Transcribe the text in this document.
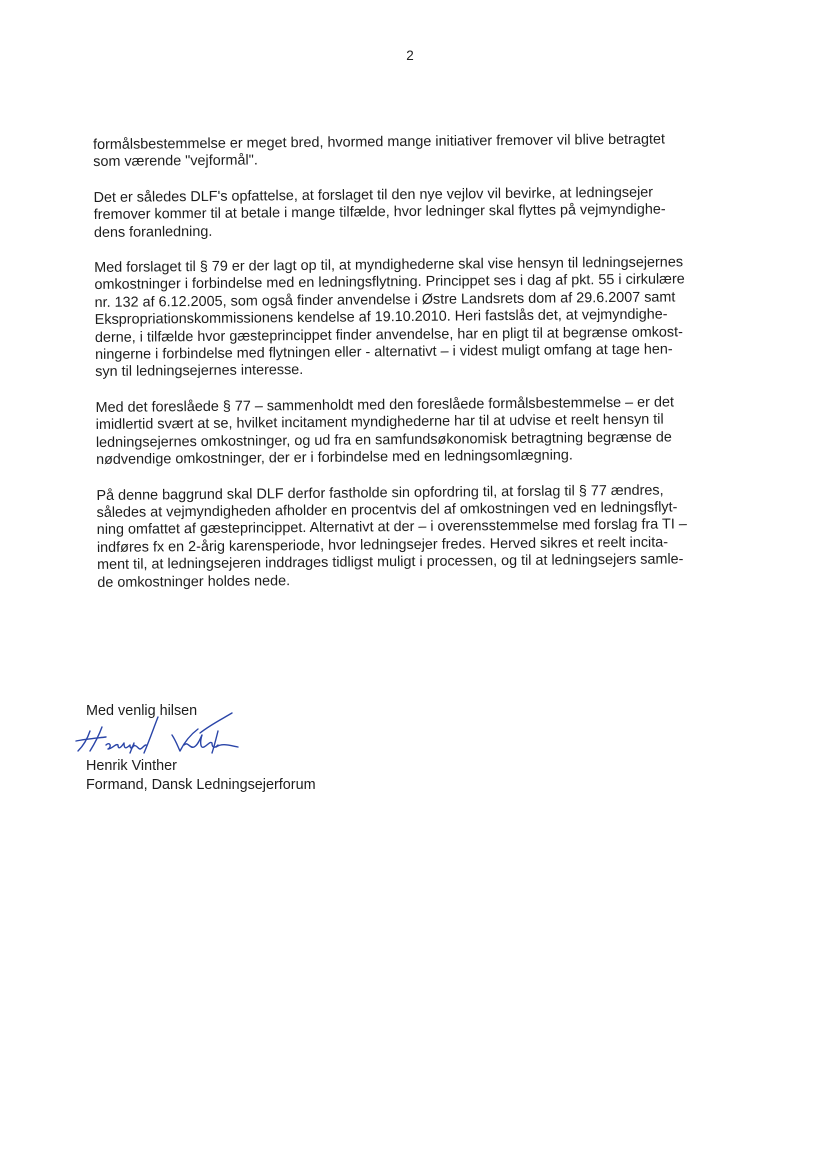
2

formålsbestemmelse er meget bred, hvormed mange initiativer fremover vil blive betragtet
som værende "vejformål".

Det er således DLF's opfattelse, at forslaget til den nye vejlov vil bevirke, at ledningsejer
fremover kommer til at betale i mange tilfælde, hvor ledninger skal flyttes på vejmyndighe-
dens foranledning.

Med forslaget til § 79 er der lagt op til, at myndighederne skal vise hensyn til ledningsejernes
omkostninger i forbindelse med en ledningsflytning. Princippet ses i dag af pkt. 55 i cirkulære
nr. 132 af 6.12.2005, som også finder anvendelse i Østre Landsrets dom af 29.6.2007 samt
Ekspropriationskommissionens kendelse af 19.10.2010. Heri fastslås det, at vejmyndighe-
derne, i tilfælde hvor gæsteprincippet finder anvendelse, har en pligt til at begrænse omkost-
ningerne i forbindelse med flytningen eller - alternativt – i videst muligt omfang at tage hen-
syn til ledningsejernes interesse.

Med det foreslåede § 77 – sammenholdt med den foreslåede formålsbestemmelse – er det
imidlertid svært at se, hvilket incitament myndighederne har til at udvise et reelt hensyn til
ledningsejernes omkostninger, og ud fra en samfundsøkonomisk betragtning begrænse de
nødvendige omkostninger, der er i forbindelse med en ledningsomlægning.

På denne baggrund skal DLF derfor fastholde sin opfordring til, at forslag til § 77 ændres,
således at vejmyndigheden afholder en procentvis del af omkostningen ved en ledningsflyt-
ning omfattet af gæsteprincippet. Alternativt at der – i overensstemmelse med forslag fra TI –
indføres fx en 2-årig karensperiode, hvor ledningsejer fredes. Herved sikres et reelt incita-
ment til, at ledningsejeren inddrages tidligst muligt i processen, og til at ledningsejers samle-
de omkostninger holdes nede.

Med venlig hilsen
Henrik Vinther
Formand, Dansk Ledningsejerforum
